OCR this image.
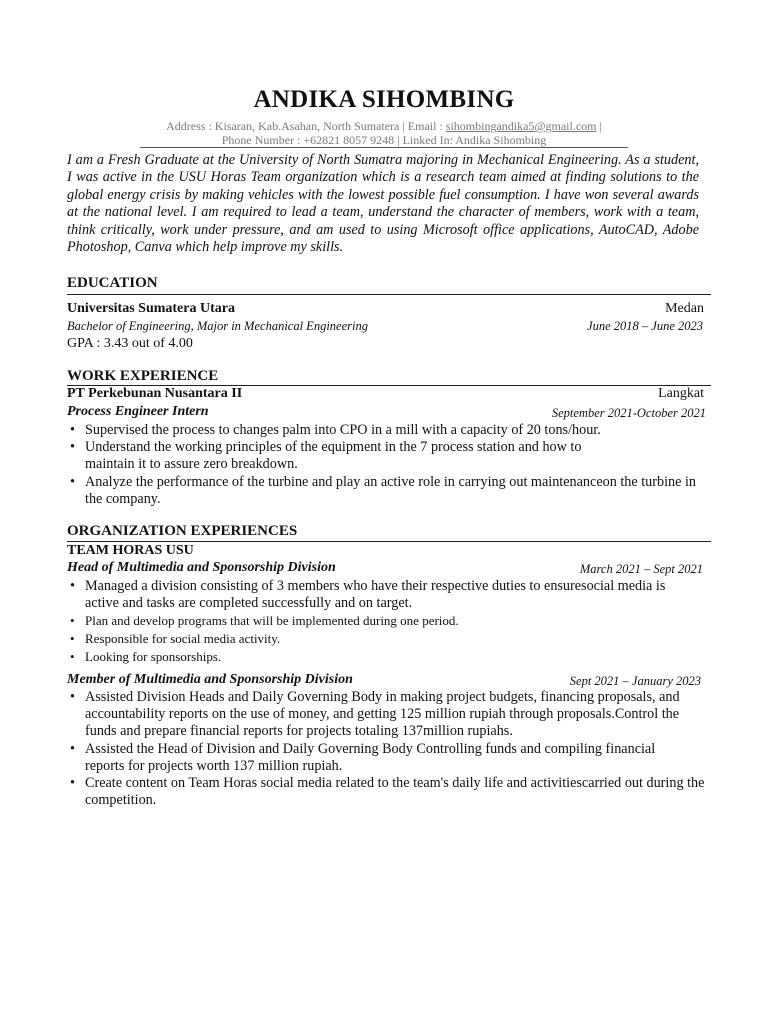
ANDIKA SIHOMBING
Address : Kisaran, Kab.Asahan, North Sumatera | Email : sihombingandika5@gmail.com |
Phone Number : +62821 8057 9248 | Linked In: Andika Sihombing
I am a Fresh Graduate at the University of North Sumatra majoring in Mechanical Engineering. As a student, I was active in the USU Horas Team organization which is a research team aimed at finding solutions to the global energy crisis by making vehicles with the lowest possible fuel consumption. I have won several awards at the national level. I am required to lead a team, understand the character of members, work with a team, think critically, work under pressure, and am used to using Microsoft office applications, AutoCAD, Adobe Photoshop, Canva which help improve my skills.
EDUCATION
Universitas Sumatera Utara	Medan
Bachelor of Engineering, Major in Mechanical Engineering	June 2018 – June 2023
GPA : 3.43 out of 4.00
WORK EXPERIENCE
PT Perkebunan Nusantara II	Langkat
Process Engineer Intern	September 2021-October 2021
• Supervised the process to changes palm into CPO in a mill with a capacity of 20 tons/hour.
• Understand the working principles of the equipment in the 7 process station and how to maintain it to assure zero breakdown.
• Analyze the performance of the turbine and play an active role in carrying out maintenanceon the turbine in the company.
ORGANIZATION EXPERIENCES
TEAM HORAS USU
Head of Multimedia and Sponsorship Division	March 2021 – Sept 2021
• Managed a division consisting of 3 members who have their respective duties to ensuresocial media is active and tasks are completed successfully and on target.
• Plan and develop programs that will be implemented during one period.
• Responsible for social media activity.
• Looking for sponsorships.
Member of Multimedia and Sponsorship Division	Sept 2021 – January 2023
• Assisted Division Heads and Daily Governing Body in making project budgets, financing proposals, and accountability reports on the use of money, and getting 125 million rupiah through proposals.Control the funds and prepare financial reports for projects totaling 137million rupiahs.
• Assisted the Head of Division and Daily Governing Body Controlling funds and compiling financial reports for projects worth 137 million rupiah.
• Create content on Team Horas social media related to the team's daily life and activitiescarried out during the competition.
